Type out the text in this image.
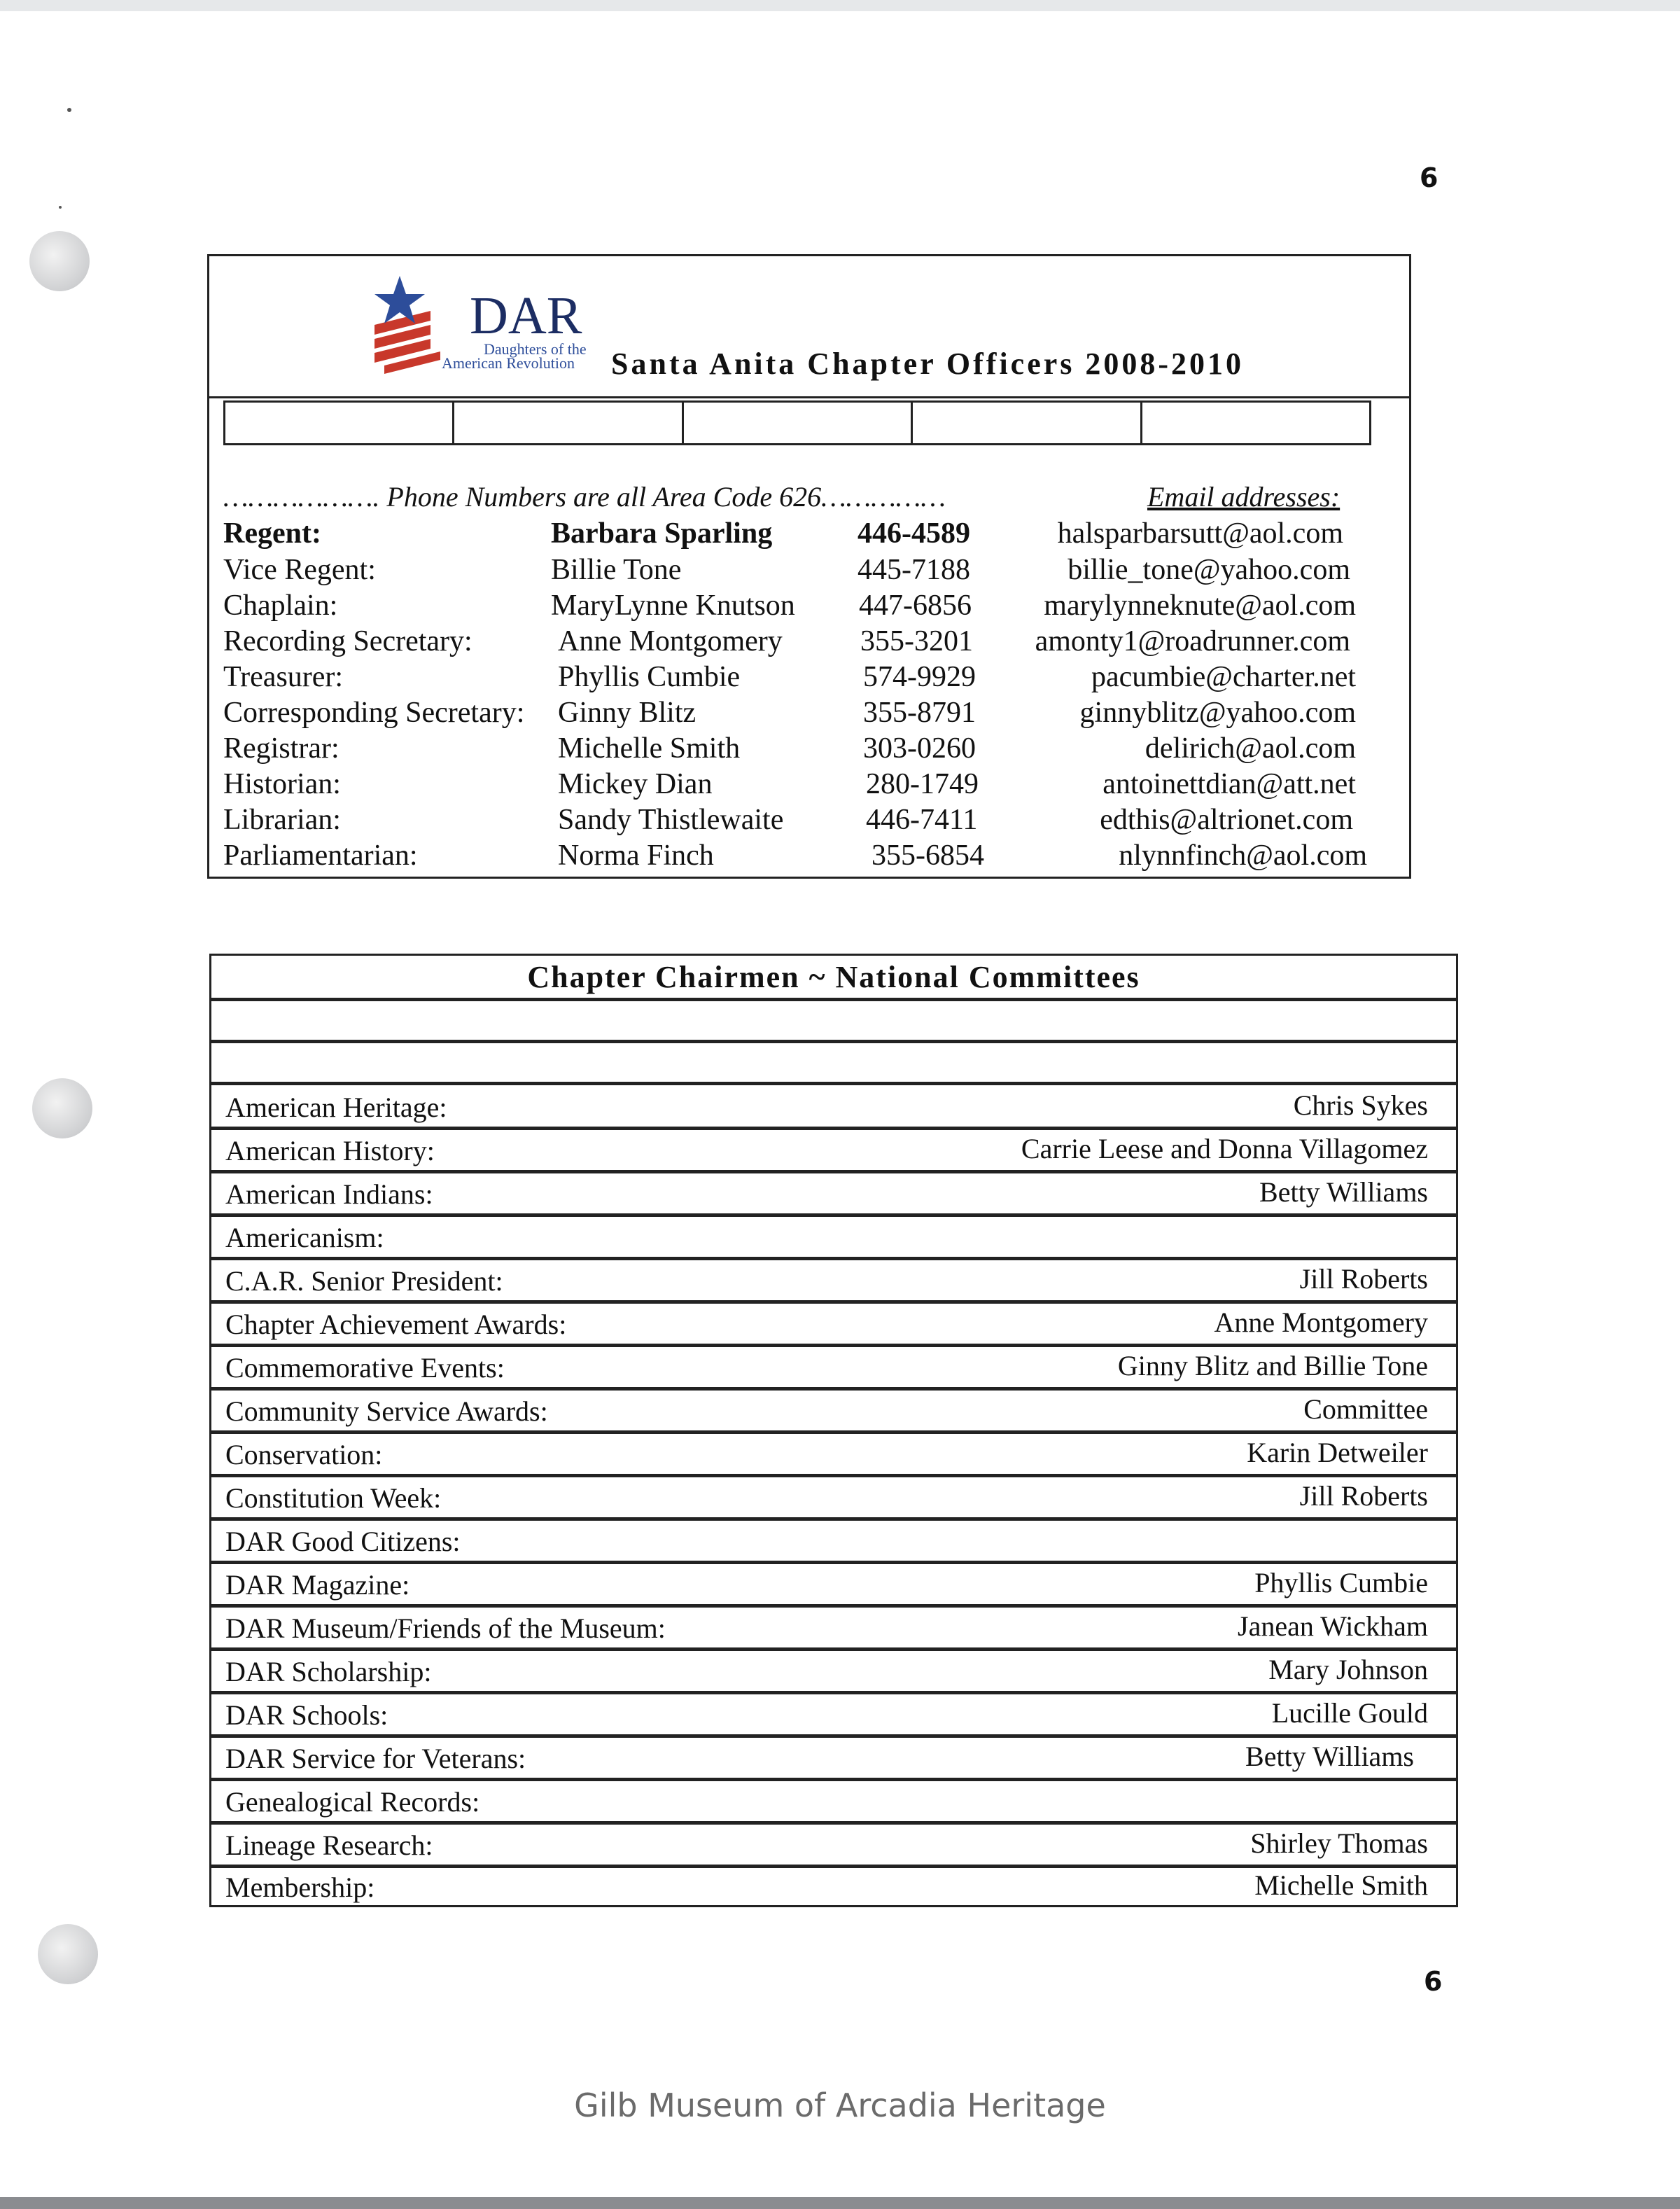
6
DAR
Daughters of the
American Revolution Santa Anita Chapter Officers 2008-2010
………………. Phone Numbers are all Area Code 626……………	Email addresses:
Regent:	Barbara Sparling	446-4589	halsparbarsutt@aol.com
Vice Regent:	Billie Tone	445-7188	billie_tone@yahoo.com
Chaplain:	MaryLynne Knutson 447-6856 marylynneknute@aol.com
Recording Secretary:	Anne Montgomery	355-3201 amonty1@roadrunner.com
Treasurer:	Phyllis Cumbie	574-9929	pacumbie@charter.net
Corresponding Secretary: Ginny Blitz	355-8791	ginnyblitz@yahoo.com
Registrar:	Michelle Smith	303-0260	delirich@aol.com
Historian:	Mickey Dian	280-1749	antoinettdian@att.net
Librarian:	Sandy Thistlewaite	446-7411	edthis@altrionet.com
Parliamentarian:	Norma Finch	355-6854	nlynnfinch@aol.com
Chapter Chairmen ~ National Committees
American Heritage:	Chris Sykes
American History:	Carrie Leese and Donna Villagomez
American Indians:	Betty Williams
Americanism:
C.A.R. Senior President:	Jill Roberts
Chapter Achievement Awards:	Anne Montgomery
Commemorative Events:	Ginny Blitz and Billie Tone
Community Service Awards:	Committee
Conservation:	Karin Detweiler
Constitution Week:	Jill Roberts
DAR Good Citizens:
DAR Magazine:	Phyllis Cumbie
DAR Museum/Friends of the Museum:	Janean Wickham
DAR Scholarship:	Mary Johnson
DAR Schools:	Lucille Gould
DAR Service for Veterans:	Betty Williams
Genealogical Records:
Lineage Research:	Shirley Thomas
Membership:	Michelle Smith
6
Gilb Museum of Arcadia Heritage
